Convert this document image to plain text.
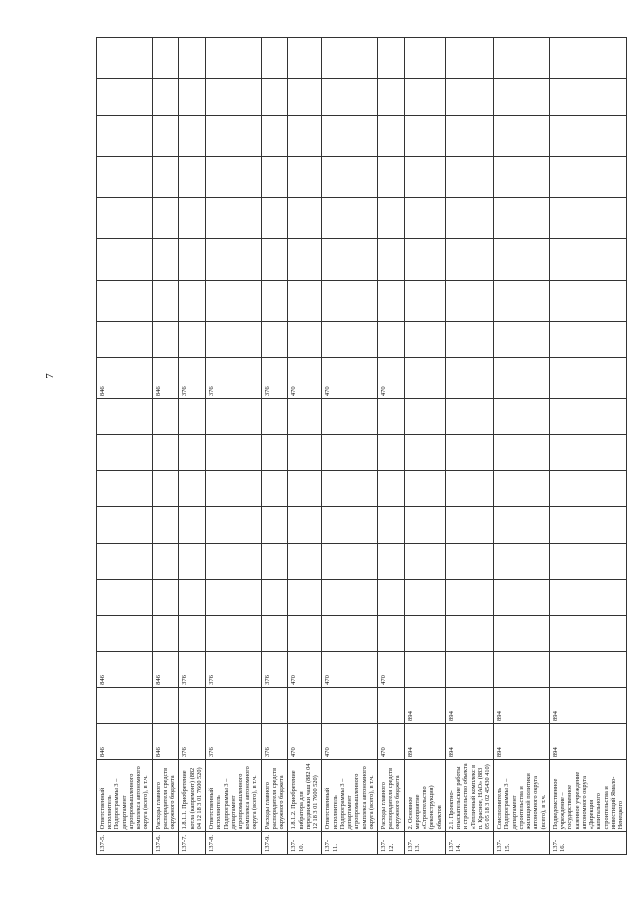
7
137-5.	Ответственный исполнитель Подпрограммы 3 – департамент агропромышленного комплекса автономного округа (всего), в т.ч.	846		846								846								
137-6.	Расходы главного распорядителя средств окружного бюджета	846		846								846								
137-7.	1.8.1.1. Приобретение котла (капремонт) (882 04 12 18 3 01 7600 520)	376		376								376								
137-8.	Ответственный исполнитель Подпрограммы 3 – департамент агропромышленного комплекса автономного округа (всего), в т.ч.	376		376								376								
137-9.	Расходы главного распорядителя средств окружного бюджета	376		376								376								
137-10.	1.8.1.2. Приобретение вибратора для передвижки чаш (882 04 12 18 3 01 7600 520)	470		470								470								
137-11.	Ответственный исполнитель Подпрограммы 3 – департамент агропромышленного комплекса автономного округа (всего), в т.ч.	470		470								470								
137-12.	Расходы главного распорядителя средств окружного бюджета	470		470								470								
137-13.	2. Основное мероприятие «Строительство (реконструкция) объектов	894	894																	
137-14.	2.1. Проектно-изыскательские работы и строительство объекта «Тепличный комплекс в п. Красное, НАО» (883 05 05 18 3 02 45430 410)	894	894																	
137-15.	Соисполнитель Подпрограммы 3 – департамент строительства и жилищной политики автономного округа (всего), в т.ч.	894	894																	
137-16.	Подведомственное учреждение – государственное казенное учреждение автономного округа «Дирекция капитального строительства и инвестиций Ямало-Ненецкого	894	894																	
